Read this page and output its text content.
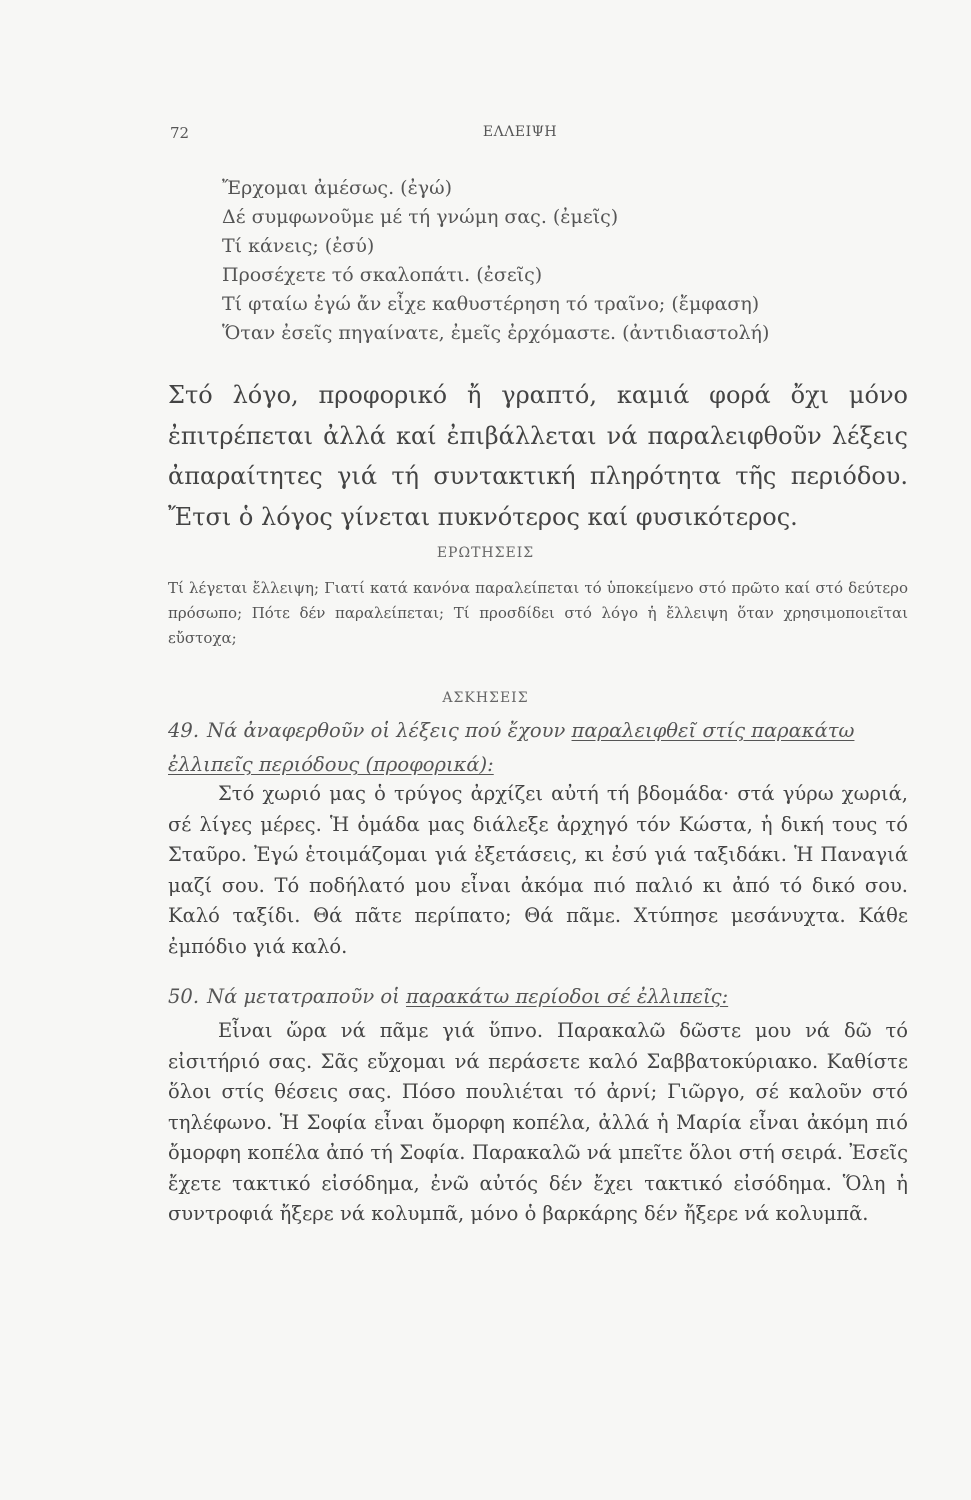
72	ΕΛΛΕΙΨΗ
Ἔρχομαι ἀμέσως. (ἐγώ)
Δέ συμφωνοῦμε μέ τή γνώμη σας. (ἐμεῖς)
Τί κάνεις; (ἐσύ)
Προσέχετε τό σκαλοπάτι. (ἐσεῖς)
Τί φταίω ἐγώ ἄν εἶχε καθυστέρηση τό τραῖνο; (ἔμφαση)
Ὅταν ἐσεῖς πηγαίνατε, ἐμεῖς ἐρχόμαστε. (ἀντιδιαστολή)

Στό λόγο, προφορικό ἤ γραπτό, καμιά φορά ὄχι μόνο ἐπιτρέπεται ἀλλά καί ἐπιβάλλεται νά παραλειφθοῦν λέξεις ἀπαραίτητες γιά τή συντακτική πληρότητα τῆς περιόδου. Ἔτσι ὁ λόγος γίνεται πυκνότερος καί φυσικότερος.

ΕΡΩΤΗΣΕΙΣ

Τί λέγεται ἔλλειψη; Γιατί κατά κανόνα παραλείπεται τό ὑποκείμενο στό πρῶτο καί στό δεύτερο πρόσωπο; Πότε δέν παραλείπεται; Τί προσδίδει στό λόγο ἡ ἔλλειψη ὅταν χρησιμοποιεῖται εὔστοχα;

ΑΣΚΗΣΕΙΣ
49. Νά ἀναφερθοῦν οἱ λέξεις πού ἔχουν παραλειφθεῖ στίς παρακάτω ἐλλιπεῖς περιόδους (προφορικά):

Στό χωριό μας ὁ τρύγος ἀρχίζει αὐτή τή βδομάδα· στά γύρω χωριά, σέ λίγες μέρες. Ἡ ὁμάδα μας διάλεξε ἀρχηγό τόν Κώστα, ἡ δική τους τό Σταῦρο. Ἐγώ ἑτοιμάζομαι γιά ἐξετάσεις, κι ἐσύ γιά ταξιδάκι. Ἡ Παναγιά μαζί σου. Τό ποδήλατό μου εἶναι ἀκόμα πιό παλιό κι ἀπό τό δικό σου. Καλό ταξίδι. Θά πᾶτε περίπατο; Θά πᾶμε. Χτύπησε μεσάνυχτα. Κάθε ἐμπόδιο γιά καλό.

50. Νά μετατραποῦν οἱ παρακάτω περίοδοι σέ ἐλλιπεῖς:

Εἶναι ὥρα νά πᾶμε γιά ὕπνο. Παρακαλῶ δῶστε μου νά δῶ τό εἰσιτήριό σας. Σᾶς εὔχομαι νά περάσετε καλό Σαββατοκύριακο. Καθίστε ὅλοι στίς θέσεις σας. Πόσο πουλιέται τό ἀρνί; Γιῶργο, σέ καλοῦν στό τηλέφωνο. Ἡ Σοφία εἶναι ὄμορφη κοπέλα, ἀλλά ἡ Μαρία εἶναι ἀκόμη πιό ὄμορφη κοπέλα ἀπό τή Σοφία. Παρακαλῶ νά μπεῖτε ὅλοι στή σειρά. Ἐσεῖς ἔχετε τακτικό εἰσόδημα, ἐνῶ αὐτός δέν ἔχει τακτικό εἰσόδημα. Ὅλη ἡ συντροφιά ἤξερε νά κολυμπᾶ, μόνο ὁ βαρκάρης δέν ἤξερε νά κολυμπᾶ.
